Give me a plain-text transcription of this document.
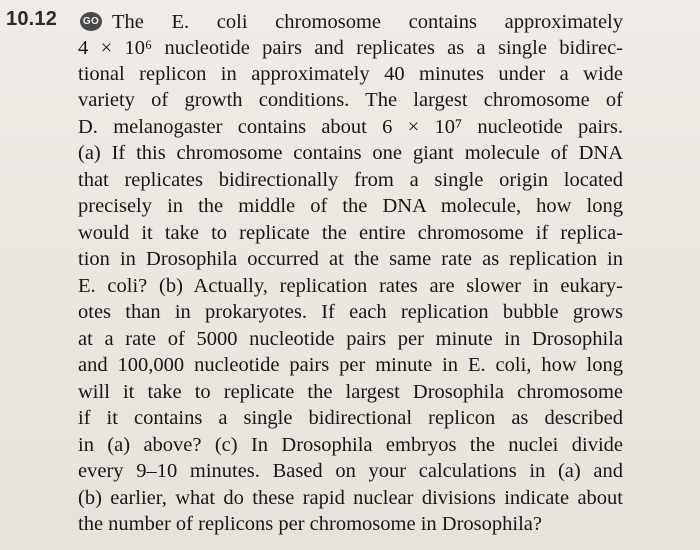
10.12	GO The E. coli chromosome contains approximately
4 × 10⁶ nucleotide pairs and replicates as a single bidirec-
tional replicon in approximately 40 minutes under a wide
variety of growth conditions. The largest chromosome of
D. melanogaster contains about 6 × 10⁷ nucleotide pairs.
(a) If this chromosome contains one giant molecule of DNA
that replicates bidirectionally from a single origin located
precisely in the middle of the DNA molecule, how long
would it take to replicate the entire chromosome if replica-
tion in Drosophila occurred at the same rate as replication in
E. coli? (b) Actually, replication rates are slower in eukary-
otes than in prokaryotes. If each replication bubble grows
at a rate of 5000 nucleotide pairs per minute in Drosophila
and 100,000 nucleotide pairs per minute in E. coli, how long
will it take to replicate the largest Drosophila chromosome
if it contains a single bidirectional replicon as described
in (a) above? (c) In Drosophila embryos the nuclei divide
every 9–10 minutes. Based on your calculations in (a) and
(b) earlier, what do these rapid nuclear divisions indicate about
the number of replicons per chromosome in Drosophila?
